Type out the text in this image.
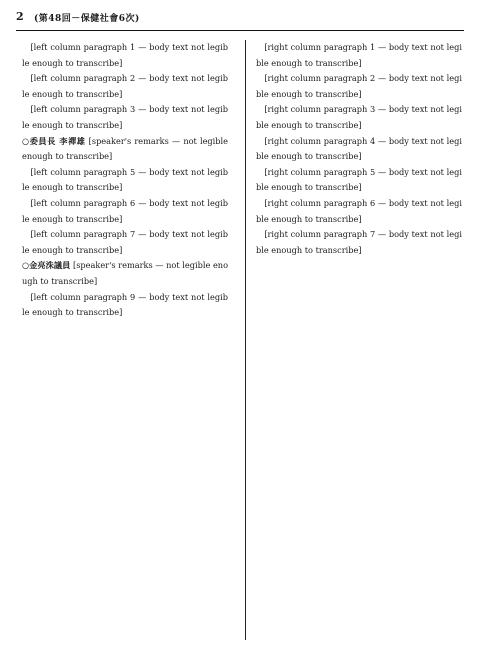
2 (第48回－保健社會6次)

　[left column paragraph 1 — body text not legible enough to transcribe]

　[left column paragraph 2 — body text not legible enough to transcribe]

　[left column paragraph 3 — body text not legible enough to transcribe]

○委員長 李禪雄 [speaker's remarks — not legible enough to transcribe]

　[left column paragraph 5 — body text not legible enough to transcribe]

　[left column paragraph 6 — body text not legible enough to transcribe]

　[left column paragraph 7 — body text not legible enough to transcribe]

○金亮洙議員 [speaker's remarks — not legible enough to transcribe]

　[left column paragraph 9 — body text not legible enough to transcribe]

　[right column paragraph 1 — body text not legible enough to transcribe]

　[right column paragraph 2 — body text not legible enough to transcribe]

　[right column paragraph 3 — body text not legible enough to transcribe]

　[right column paragraph 4 — body text not legible enough to transcribe]

　[right column paragraph 5 — body text not legible enough to transcribe]

　[right column paragraph 6 — body text not legible enough to transcribe]

　[right column paragraph 7 — body text not legible enough to transcribe]
